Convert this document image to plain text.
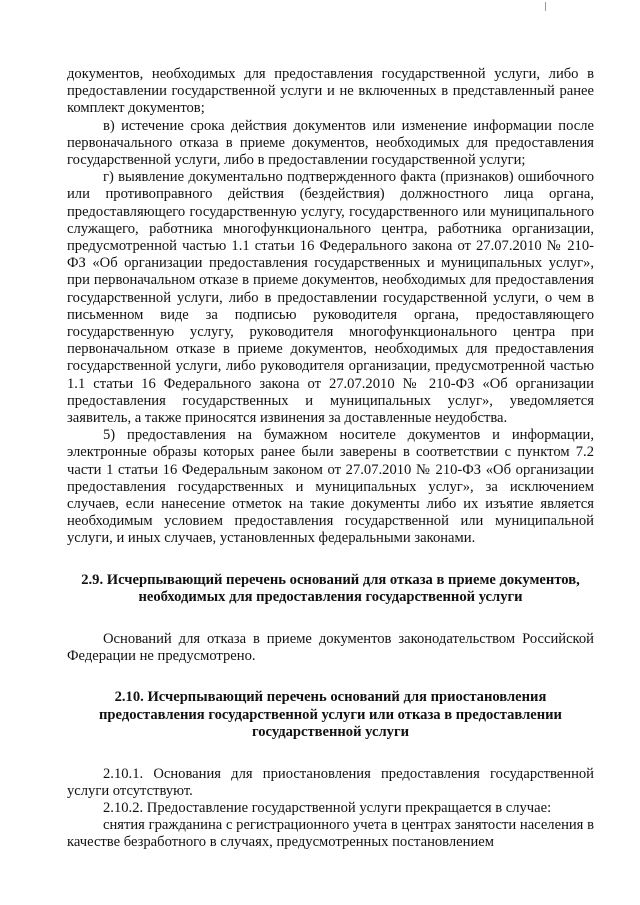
документов, необходимых для предоставления государственной услуги, либо в предоставлении государственной услуги и не включенных в представленный ранее комплект документов;

в) истечение срока действия документов или изменение информации после первоначального отказа в приеме документов, необходимых для предоставления государственной услуги, либо в предоставлении государственной услуги;

г) выявление документально подтвержденного факта (признаков) ошибочного или противоправного действия (бездействия) должностного лица органа, предоставляющего государственную услугу, государственного или муниципального служащего, работника многофункционального центра, работника организации, предусмотренной частью 1.1 статьи 16 Федерального закона от 27.07.2010 № 210-ФЗ «Об организации предоставления государственных и муниципальных услуг», при первоначальном отказе в приеме документов, необходимых для предоставления государственной услуги, либо в предоставлении государственной услуги, о чем в письменном виде за подписью руководителя органа, предоставляющего государственную услугу, руководителя многофункционального центра при первоначальном отказе в приеме документов, необходимых для предоставления государственной услуги, либо руководителя организации, предусмотренной частью 1.1 статьи 16 Федерального закона от 27.07.2010 № 210-ФЗ «Об организации предоставления государственных и муниципальных услуг», уведомляется заявитель, а также приносятся извинения за доставленные неудобства.

5) предоставления на бумажном носителе документов и информации, электронные образы которых ранее были заверены в соответствии с пунктом 7.2 части 1 статьи 16 Федеральным законом от 27.07.2010 № 210-ФЗ «Об организации предоставления государственных и муниципальных услуг», за исключением случаев, если нанесение отметок на такие документы либо их изъятие является необходимым условием предоставления государственной или муниципальной услуги, и иных случаев, установленных федеральными законами.

2.9. Исчерпывающий перечень оснований для отказа в приеме документов, необходимых для предоставления государственной услуги

Оснований для отказа в приеме документов законодательством Российской Федерации не предусмотрено.

2.10. Исчерпывающий перечень оснований для приостановления предоставления государственной услуги или отказа в предоставлении государственной услуги

2.10.1. Основания для приостановления предоставления государственной услуги отсутствуют.

2.10.2. Предоставление государственной услуги прекращается в случае:

снятия гражданина с регистрационного учета в центрах занятости населения в качестве безработного в случаях, предусмотренных постановлением
